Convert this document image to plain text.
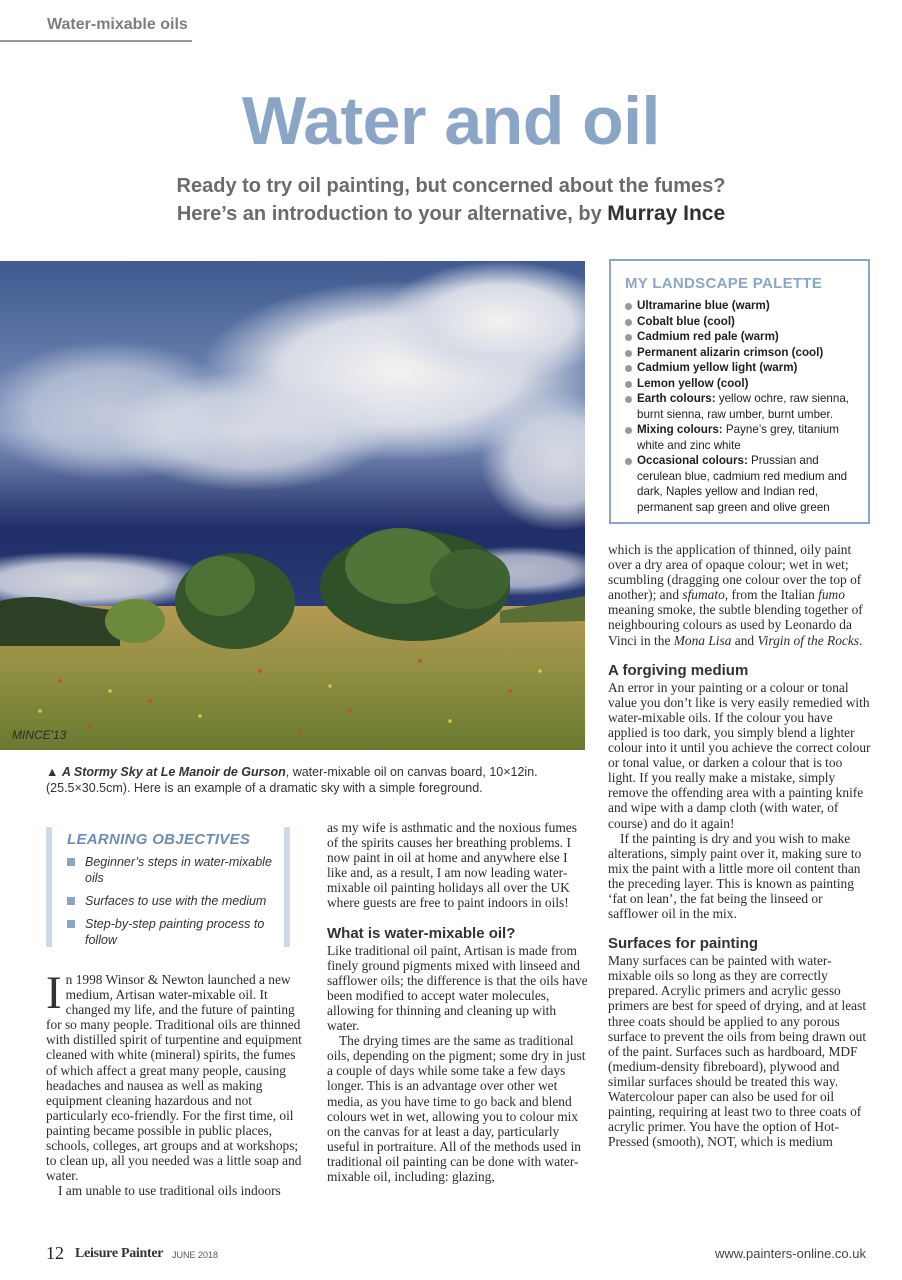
Water-mixable oils
Water and oil
Ready to try oil painting, but concerned about the fumes?
Here’s an introduction to your alternative, by Murray Ince
MINCE'13
▲ A Stormy Sky at Le Manoir de Gurson, water-mixable oil on canvas board, 10×12in. (25.5×30.5cm). Here is an example of a dramatic sky with a simple foreground.
MY LANDSCAPE PALETTE
Ultramarine blue (warm)
Cobalt blue (cool)
Cadmium red pale (warm)
Permanent alizarin crimson (cool)
Cadmium yellow light (warm)
Lemon yellow (cool)
Earth colours: yellow ochre, raw sienna, burnt sienna, raw umber, burnt umber.
Mixing colours: Payne’s grey, titanium white and zinc white
Occasional colours: Prussian and cerulean blue, cadmium red medium and dark, Naples yellow and Indian red, permanent sap green and olive green
LEARNING OBJECTIVES
Beginner’s steps in water-mixable oils
Surfaces to use with the medium
Step-by-step painting process to follow

In 1998 Winsor & Newton launched a new medium, Artisan water-mixable oil. It changed my life, and the future of painting for so many people. Traditional oils are thinned with distilled spirit of turpentine and equipment cleaned with white (mineral) spirits, the fumes of which affect a great many people, causing headaches and nausea as well as making equipment cleaning hazardous and not particularly eco-friendly. For the first time, oil painting became possible in public places, schools, colleges, art groups and at workshops; to clean up, all you needed was a little soap and water.

I am unable to use traditional oils indoors

as my wife is asthmatic and the noxious fumes of the spirits causes her breathing problems. I now paint in oil at home and anywhere else I like and, as a result, I am now leading water-mixable oil painting holidays all over the UK where guests are free to paint indoors in oils!

What is water-mixable oil?

Like traditional oil paint, Artisan is made from finely ground pigments mixed with linseed and safflower oils; the difference is that the oils have been modified to accept water molecules, allowing for thinning and cleaning up with water.

The drying times are the same as traditional oils, depending on the pigment; some dry in just a couple of days while some take a few days longer. This is an advantage over other wet media, as you have time to go back and blend colours wet in wet, allowing you to colour mix on the canvas for at least a day, particularly useful in portraiture. All of the methods used in traditional oil painting can be done with water-mixable oil, including: glazing,

which is the application of thinned, oily paint over a dry area of opaque colour; wet in wet; scumbling (dragging one colour over the top of another); and sfumato, from the Italian fumo meaning smoke, the subtle blending together of neighbouring colours as used by Leonardo da Vinci in the Mona Lisa and Virgin of the Rocks.

A forgiving medium

An error in your painting or a colour or tonal value you don’t like is very easily remedied with water-mixable oils. If the colour you have applied is too dark, you simply blend a lighter colour into it until you achieve the correct colour or tonal value, or darken a colour that is too light. If you really make a mistake, simply remove the offending area with a painting knife and wipe with a damp cloth (with water, of course) and do it again!

If the painting is dry and you wish to make alterations, simply paint over it, making sure to mix the paint with a little more oil content than the preceding layer. This is known as painting ‘fat on lean’, the fat being the linseed or safflower oil in the mix.

Surfaces for painting

Many surfaces can be painted with water-mixable oils so long as they are correctly prepared. Acrylic primers and acrylic gesso primers are best for speed of drying, and at least three coats should be applied to any porous surface to prevent the oils from being drawn out of the paint. Surfaces such as hardboard, MDF (medium-density fibreboard), plywood and similar surfaces should be treated this way. Watercolour paper can also be used for oil painting, requiring at least two to three coats of acrylic primer. You have the option of Hot-Pressed (smooth), NOT, which is medium

12 Leisure Painter JUNE 2018	www.painters-online.co.uk
